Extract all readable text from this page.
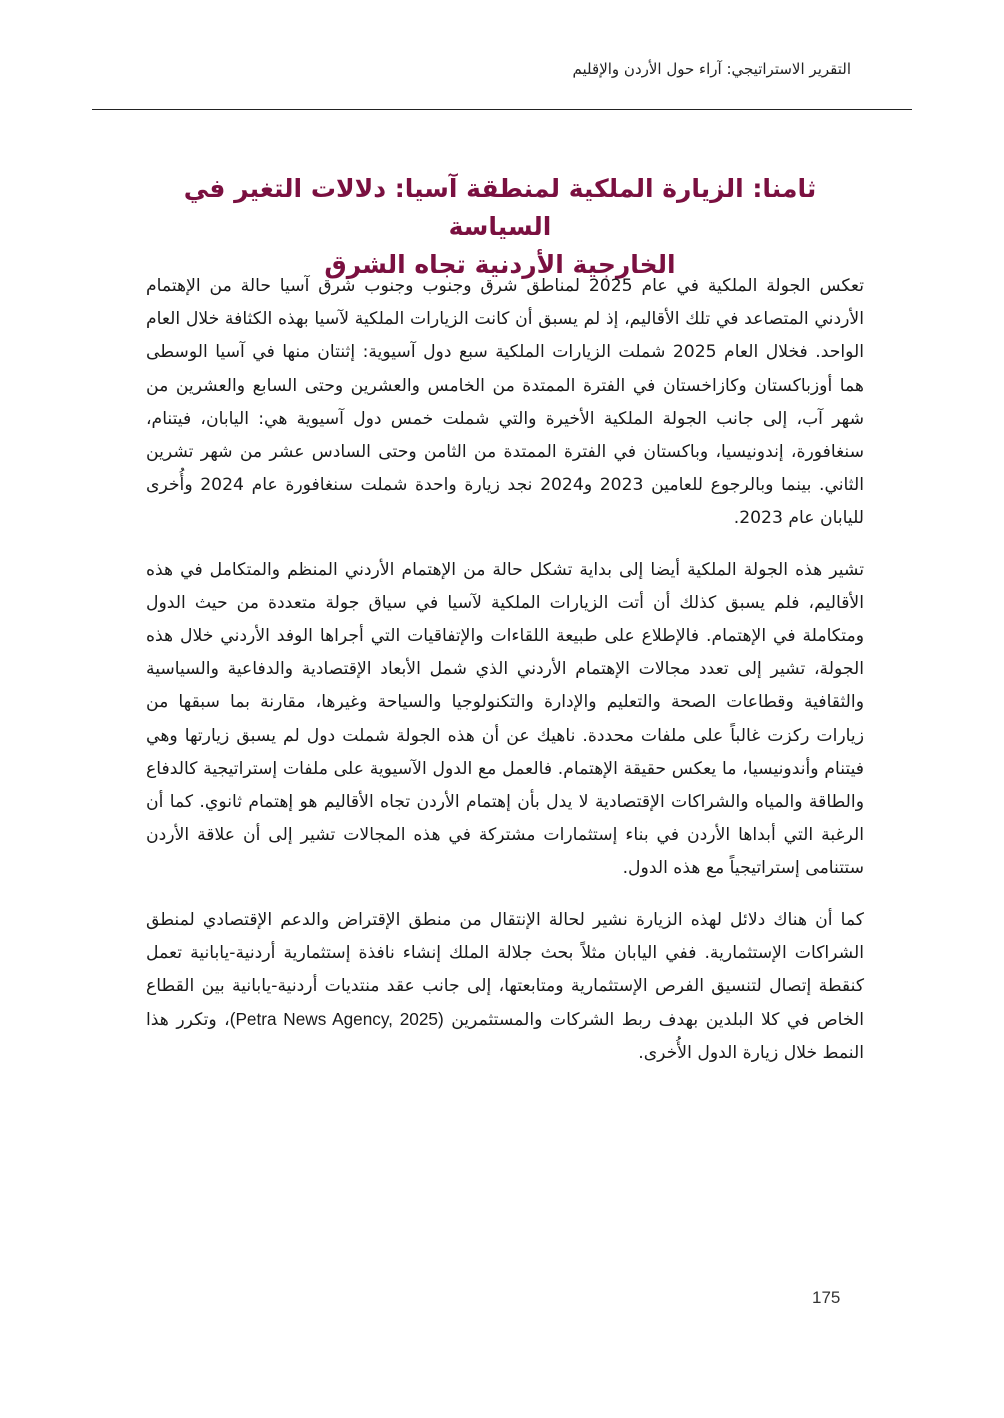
التقرير الاستراتيجي: آراء حول الأردن والإقليم
ثامنا: الزيارة الملكية لمنطقة آسيا: دلالات التغير في السياسة
الخارجية الأردنية تجاه الشرق

تعكس الجولة الملكية في عام 2025 لمناطق شرق وجنوب وجنوب شرق آسيا حالة من الإهتمام الأردني المتصاعد في تلك الأقاليم، إذ لم يسبق أن كانت الزيارات الملكية لآسيا بهذه الكثافة خلال العام الواحد. فخلال العام 2025 شملت الزيارات الملكية سبع دول آسيوية: إثنتان منها في آسيا الوسطى هما أوزباكستان وكازاخستان في الفترة الممتدة من الخامس والعشرين وحتى السابع والعشرين من شهر آب، إلى جانب الجولة الملكية الأخيرة والتي شملت خمس دول آسيوية هي: اليابان، فيتنام، سنغافورة، إندونيسيا، وباكستان في الفترة الممتدة من الثامن وحتى السادس عشر من شهر تشرين الثاني. بينما وبالرجوع للعامين 2023 و2024 نجد زيارة واحدة شملت سنغافورة عام 2024 وأُخرى لليابان عام 2023.

تشير هذه الجولة الملكية أيضا إلى بداية تشكل حالة من الإهتمام الأردني المنظم والمتكامل في هذه الأقاليم، فلم يسبق كذلك أن أتت الزيارات الملكية لآسيا في سياق جولة متعددة من حيث الدول ومتكاملة في الإهتمام. فالإطلاع على طبيعة اللقاءات والإتفاقيات التي أجراها الوفد الأردني خلال هذه الجولة، تشير إلى تعدد مجالات الإهتمام الأردني الذي شمل الأبعاد الإقتصادية والدفاعية والسياسية والثقافية وقطاعات الصحة والتعليم والإدارة والتكنولوجيا والسياحة وغيرها، مقارنة بما سبقها من زيارات ركزت غالباً على ملفات محددة. ناهيك عن أن هذه الجولة شملت دول لم يسبق زيارتها وهي فيتنام وأندونيسيا، ما يعكس حقيقة الإهتمام. فالعمل مع الدول الآسيوية على ملفات إستراتيجية كالدفاع والطاقة والمياه والشراكات الإقتصادية لا يدل بأن إهتمام الأردن تجاه الأقاليم هو إهتمام ثانوي. كما أن الرغبة التي أبداها الأردن في بناء إستثمارات مشتركة في هذه المجالات تشير إلى أن علاقة الأردن ستتنامى إستراتيجياً مع هذه الدول.

كما أن هناك دلائل لهذه الزيارة نشير لحالة الإنتقال من منطق الإقتراض والدعم الإقتصادي لمنطق الشراكات الإستثمارية. ففي اليابان مثلاً بحث جلالة الملك إنشاء نافذة إستثمارية أردنية-يابانية تعمل كنقطة إتصال لتنسيق الفرص الإستثمارية ومتابعتها، إلى جانب عقد منتديات أردنية-يابانية بين القطاع الخاص في كلا البلدين بهدف ربط الشركات والمستثمرين (Petra News Agency, 2025)، وتكرر هذا النمط خلال زيارة الدول الأُخرى.

175
